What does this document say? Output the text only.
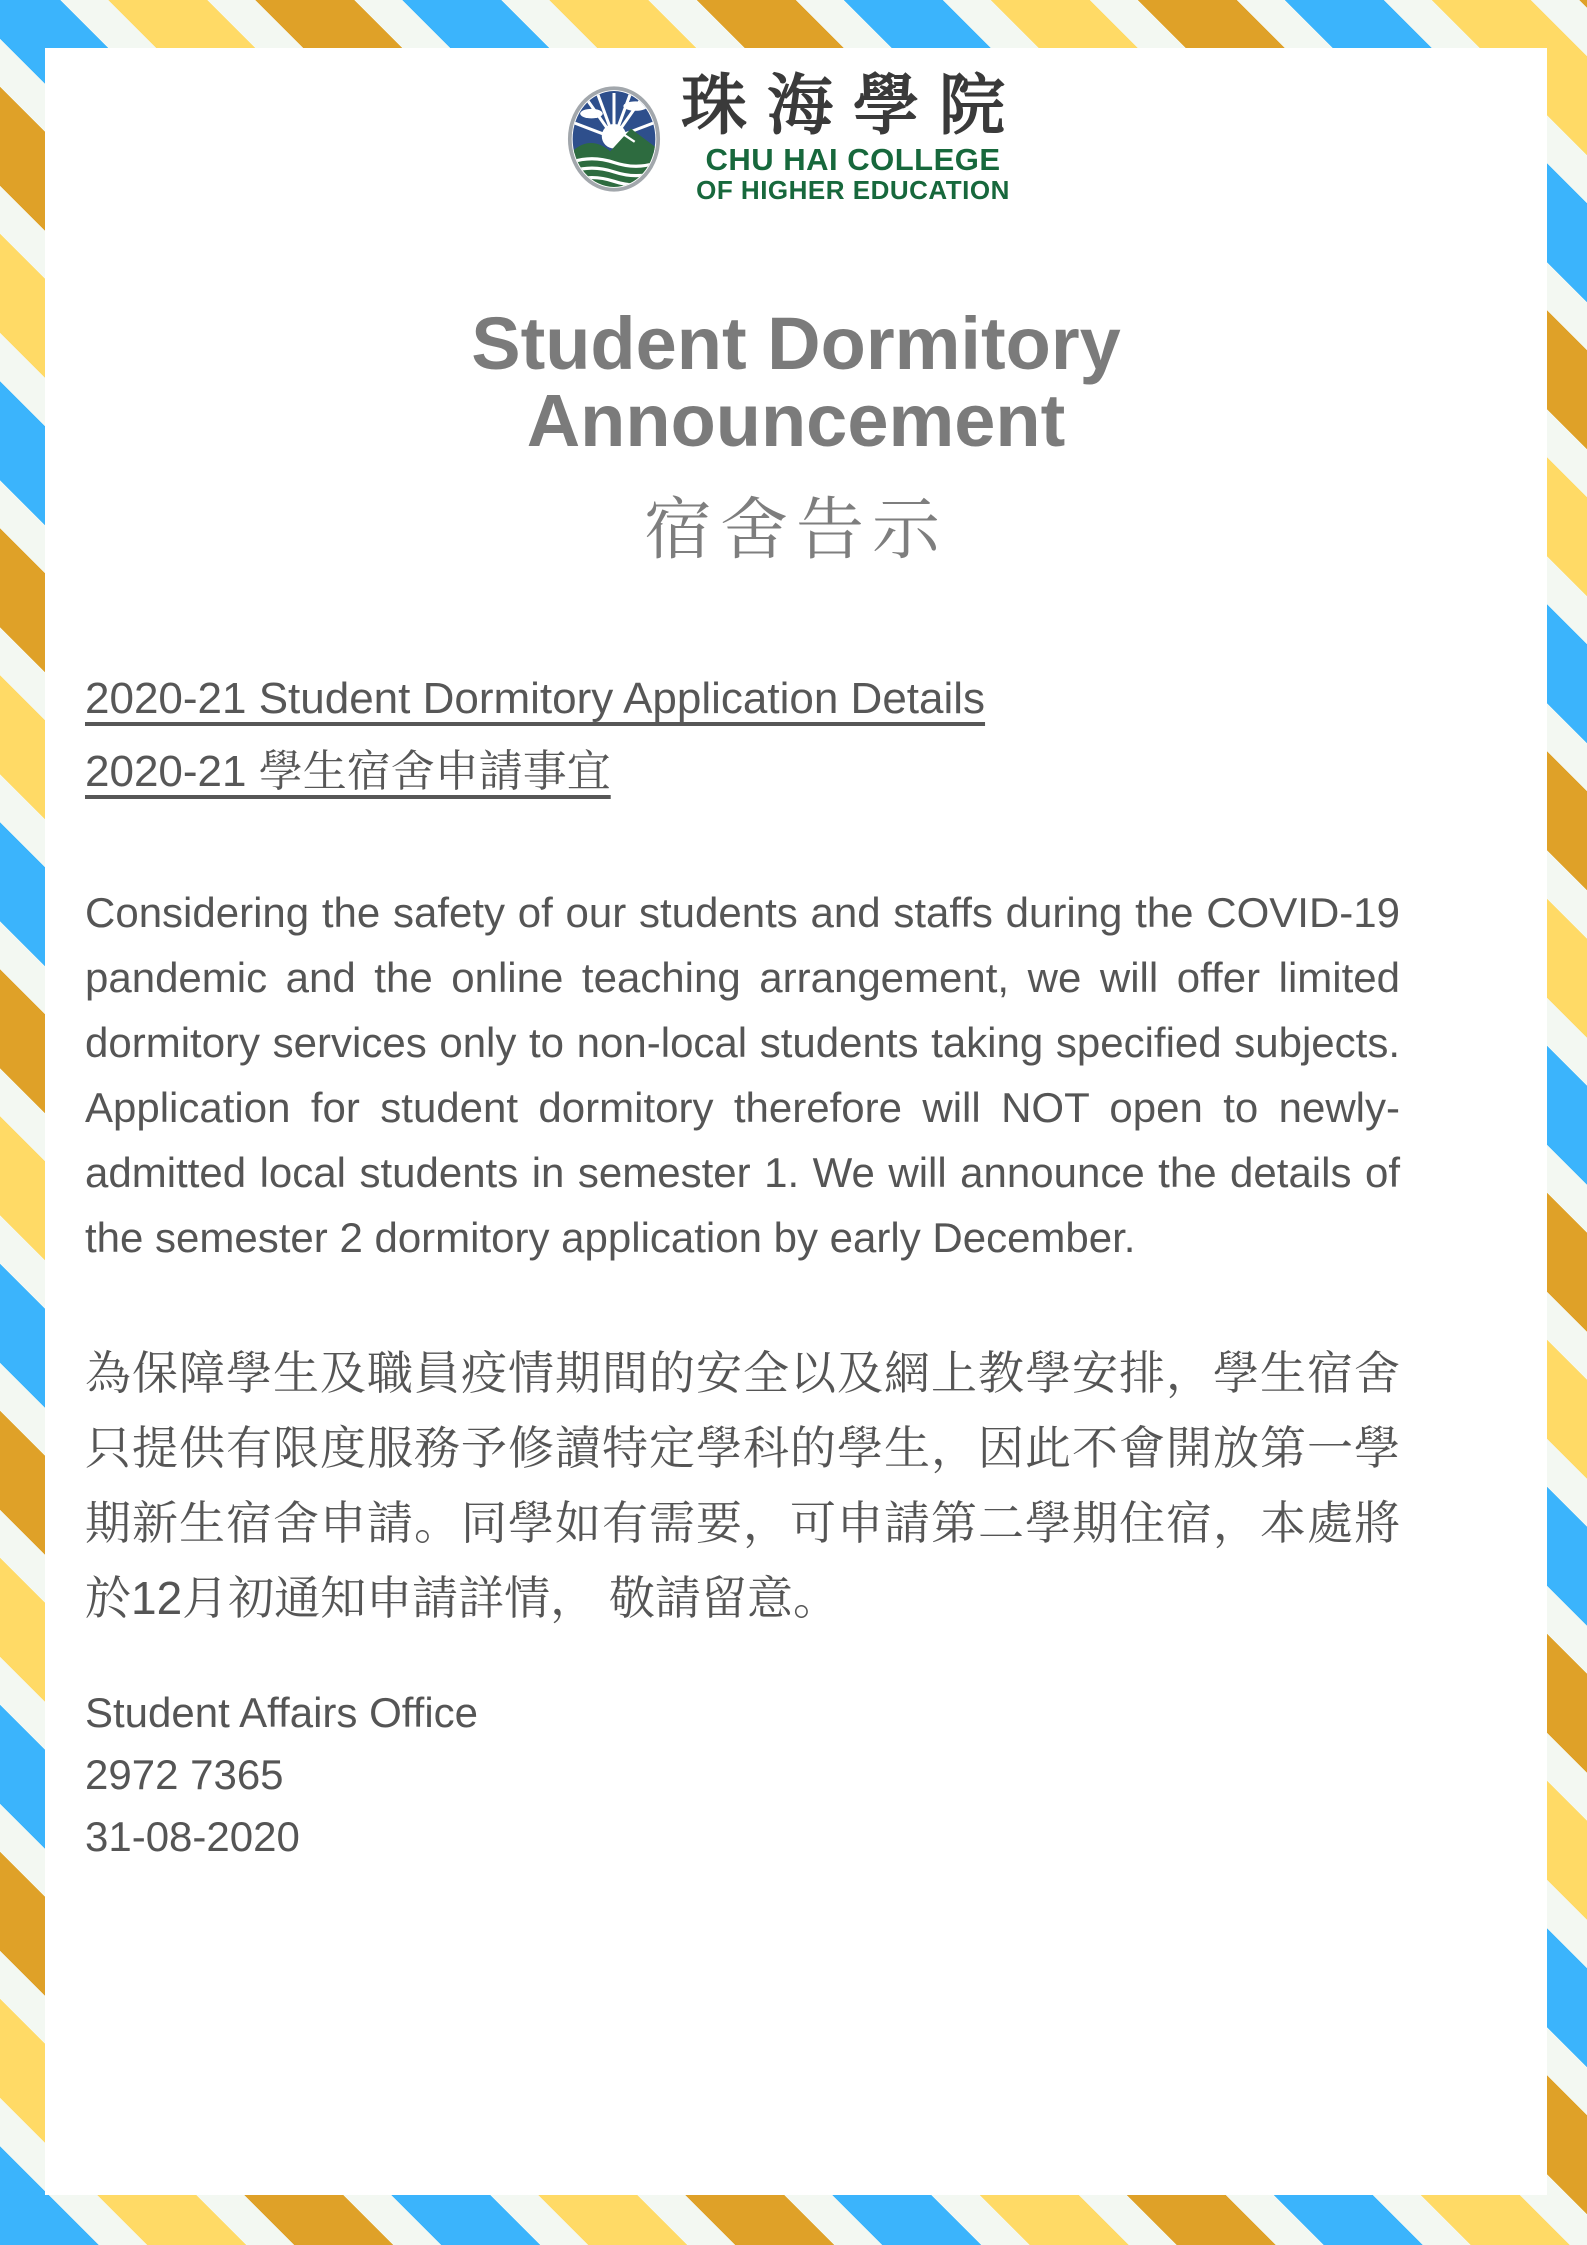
珠海學院
CHU HAI COLLEGE
OF HIGHER EDUCATION
Student Dormitory
Announcement
宿舍告示
2020-21 Student Dormitory Application Details
2020-21 學生宿舍申請事宜
Considering the safety of our students and staffs during the COVID-19 pandemic and the online teaching arrangement, we will offer limited dormitory services only to non-local students taking specified subjects. Application for student dormitory therefore will NOT open to newly-admitted local students in semester 1. We will announce the details of the semester 2 dormitory application by early December.
為保障學生及職員疫情期間的安全以及網上教學安排，學生宿舍只提供有限度服務予修讀特定學科的學生，因此不會開放第一學期新生宿舍申請。同學如有需要，可申請第二學期住宿，本處將於12月初通知申請詳情， 敬請留意。
Student Affairs Office
2972 7365
31-08-2020
